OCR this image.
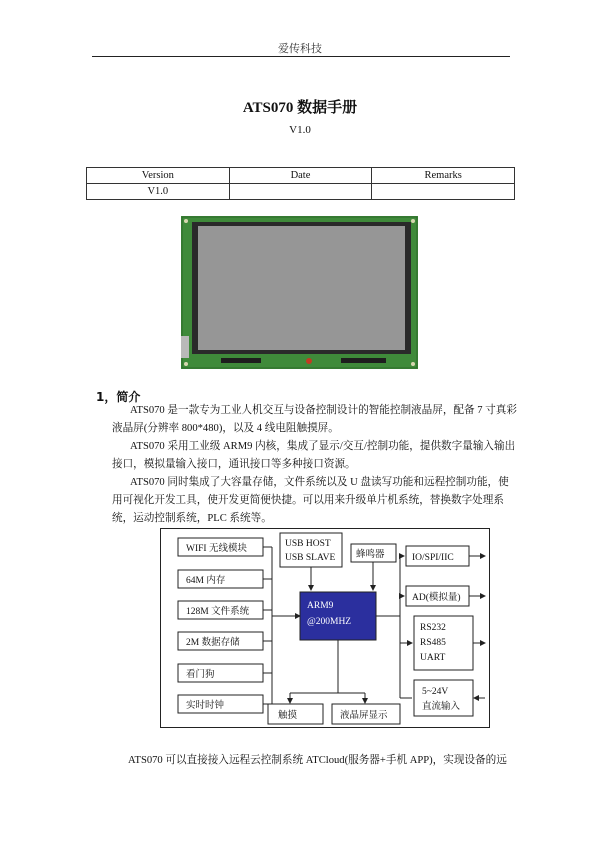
爱传科技
ATS070 数据手册
V1.0
Version	Date	Remarks
V1.0		
1，简介
ATS070 是一款专为工业人机交互与设备控制设计的智能控制液晶屏，配备 7 寸真彩液晶屏(分辨率 800*480)，以及 4 线电阻触摸屏。
ATS070 采用工业级 ARM9 内核，集成了显示/交互/控制功能，提供数字量输入输出接口，模拟量输入接口，通讯接口等多种接口资源。
ATS070 同时集成了大容量存储，文件系统以及 U 盘读写功能和远程控制功能，使用可视化开发工具，使开发更简便快捷。可以用来升级单片机系统，替换数字处理系统，运动控制系统，PLC 系统等。
WIFI 无线模块
64M 内存
128M 文件系统
2M 数据存储
看门狗
实时时钟
USB HOST
USB SLAVE 蜂鸣器
ARM9
@200MHZ
IO/SPI/IIC
AD(模拟量)
RS232
RS485
UART
5~24V
直流输入
触摸	液晶屏显示
ATS070 可以直接接入远程云控制系统 ATCloud(服务器+手机 APP)，实现设备的远
